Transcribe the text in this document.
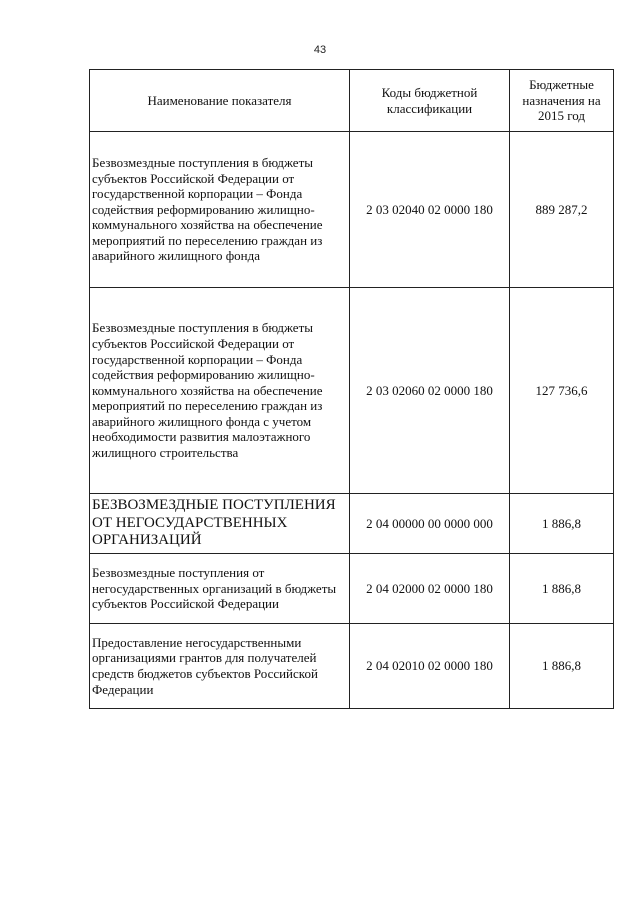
43
Наименование показателя	Коды бюджетной классификации	Бюджетные назначения на 2015 год
Безвозмездные поступления в бюджеты субъектов Российской Федерации от государственной корпорации – Фонда содействия реформированию жилищно-коммунального хозяйства на обеспечение мероприятий по переселению граждан из аварийного жилищного фонда	2 03 02040 02 0000 180	889 287,2
Безвозмездные поступления в бюджеты субъектов Российской Федерации от государственной корпорации – Фонда содействия реформированию жилищно-коммунального хозяйства на обеспечение мероприятий по переселению граждан из аварийного жилищного фонда с учетом необходимости развития малоэтажного жилищного строительства	2 03 02060 02 0000 180	127 736,6
БЕЗВОЗМЕЗДНЫЕ ПОСТУПЛЕНИЯ ОТ НЕГОСУДАРСТВЕННЫХ ОРГАНИЗАЦИЙ	2 04 00000 00 0000 000	1 886,8
Безвозмездные поступления от негосударственных организаций в бюджеты субъектов Российской Федерации	2 04 02000 02 0000 180	1 886,8
Предоставление негосударственными организациями грантов для получателей средств бюджетов субъектов Российской Федерации	2 04 02010 02 0000 180	1 886,8
